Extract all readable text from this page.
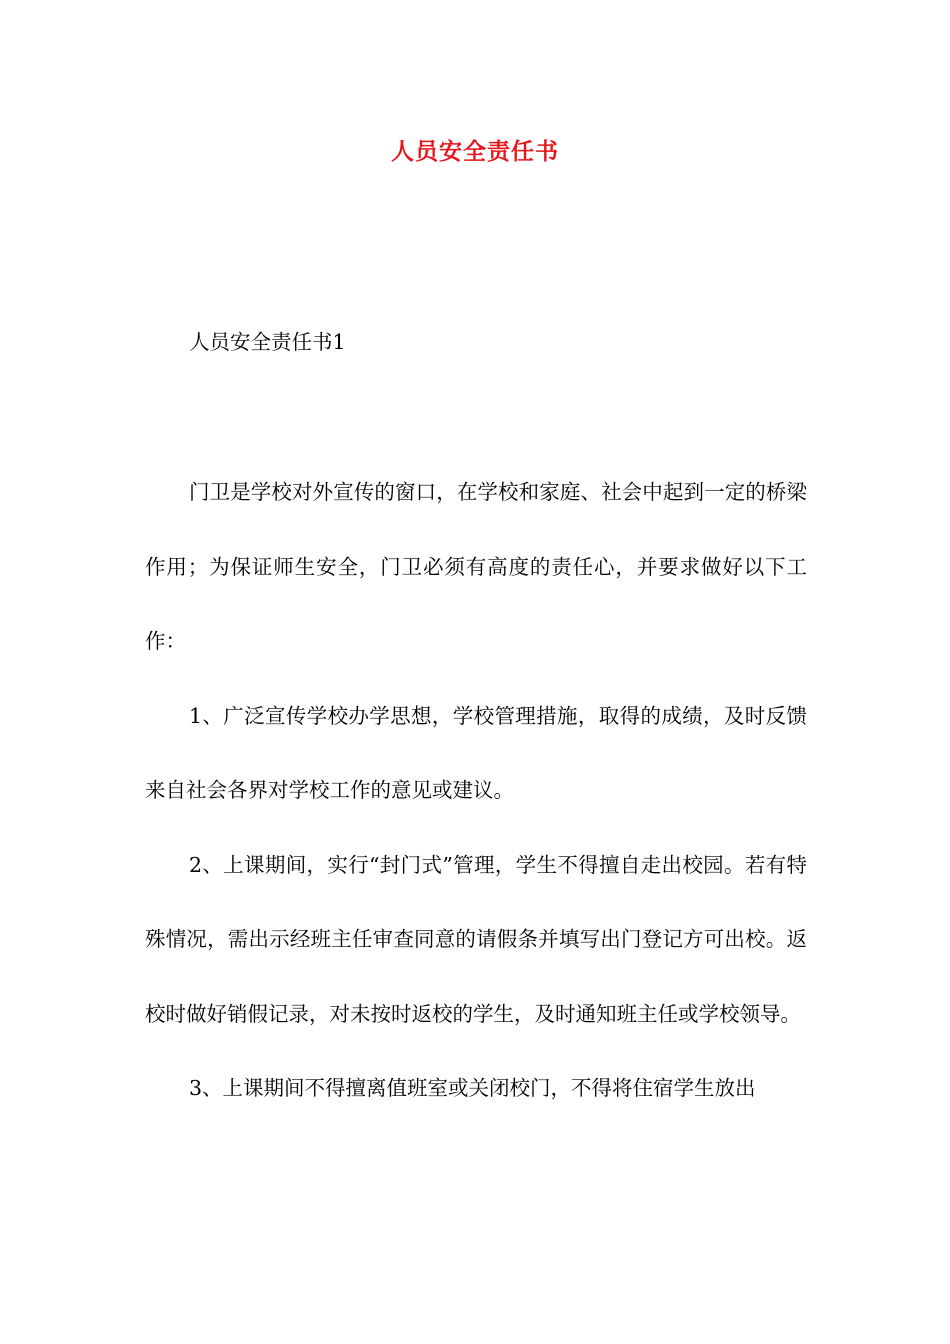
人员安全责任书
人员安全责任书1

门卫是学校对外宣传的窗口，在学校和家庭、社会中起到一定的桥梁作用；为保证师生安全，门卫必须有高度的责任心，并要求做好以下工作：

1、广泛宣传学校办学思想，学校管理措施，取得的成绩，及时反馈来自社会各界对学校工作的意见或建议。

2、上课期间，实行“封门式”管理，学生不得擅自走出校园。若有特殊情况，需出示经班主任审查同意的请假条并填写出门登记方可出校。返校时做好销假记录，对未按时返校的学生，及时通知班主任或学校领导。

3、上课期间不得擅离值班室或关闭校门，不得将住宿学生放出
